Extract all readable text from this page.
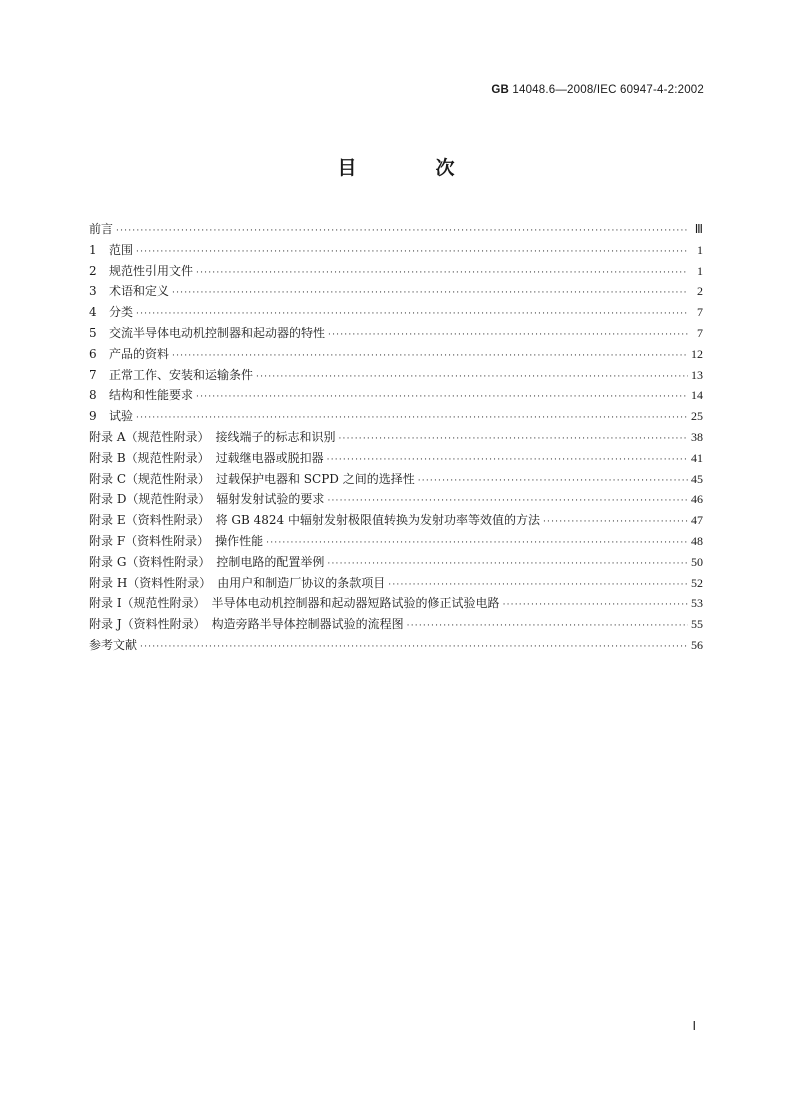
GB 14048.6—2008/IEC 60947-4-2:2002
目　次
前言 ·····	Ⅲ
1	范围 ·····	1
2	规范性引用文件 ·····	1
3	术语和定义 ·····	2
4	分类 ·····	7
5	交流半导体电动机控制器和起动器的特性 ·····	7
6	产品的资料 ·····	12
7	正常工作、安装和运输条件 ·····	13
8	结构和性能要求 ·····	14
9	试验 ·····	25
附录 A（规范性附录）　接线端子的标志和识别 ·····	38
附录 B（规范性附录）　过载继电器或脱扣器 ·····	41
附录 C（规范性附录）　过载保护电器和 SCPD 之间的选择性 ·····	45
附录 D（规范性附录）　辐射发射试验的要求 ·····	46
附录 E（资料性附录）　将 GB 4824 中辐射发射极限值转换为发射功率等效值的方法 ·····	47
附录 F（资料性附录）　操作性能 ·····	48
附录 G（资料性附录）　控制电路的配置举例 ·····	50
附录 H（资料性附录）　由用户和制造厂协议的条款项目 ·····	52
附录 I（规范性附录）　半导体电动机控制器和起动器短路试验的修正试验电路 ·····	53
附录 J（资料性附录）　构造旁路半导体控制器试验的流程图 ·····	55
参考文献 ·····	56
Ⅰ
